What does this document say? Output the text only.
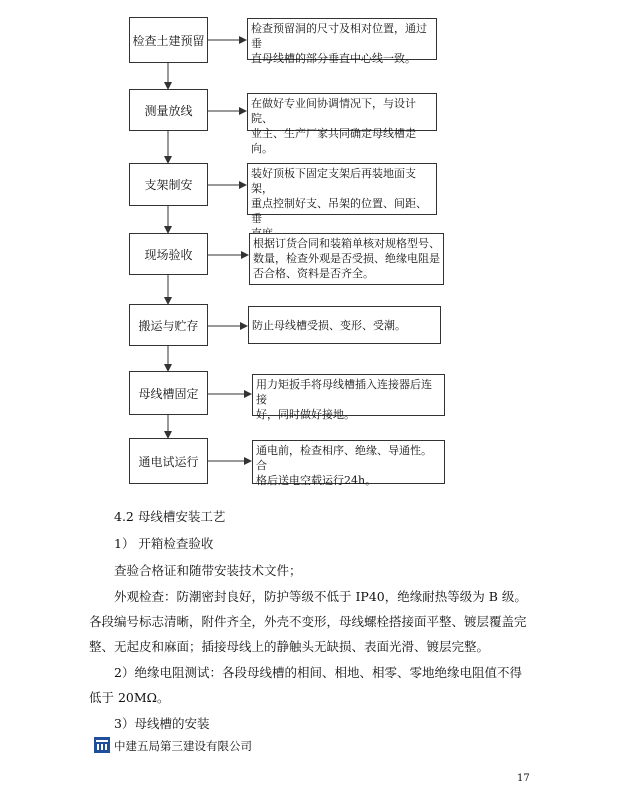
检查土建预留
测量放线
支架制安
现场验收
搬运与贮存
母线槽固定
通电试运行

检查预留洞的尺寸及相对位置，通过垂

直母线槽的部分垂直中心线一致。

在做好专业间协调情况下，与设计院、

业主、生产厂家共同确定母线槽走向。

装好顶板下固定支架后再装地面支架，

重点控制好支、吊架的位置、间距、垂

根据订货合同和装箱单核对规格型号、

数量，检查外观是否受损、绝缘电阻是

否合格、资料是否齐全。

防止母线槽受损、变形、受潮。

用力矩扳手将母线槽插入连接器后连接

好，同时做好接地。

通电前，检查相序、绝缘、导通性。合

格后送电空载运行24h。

4.2 母线槽安装工艺
1） 开箱检查验收
查验合格证和随带安装技术文件；
外观检查：防潮密封良好，防护等级不低于 IP40，绝缘耐热等级为 B 级。
各段编号标志清晰，附件齐全，外壳不变形，母线螺栓搭接面平整、镀层覆盖完
整、无起皮和麻面；插接母线上的静触头无缺损、表面光滑、镀层完整。
2）绝缘电阻测试：各段母线槽的相间、相地、相零、零地绝缘电阻值不得
低于 20MΩ。
3）母线槽的安装
中建五局第三建设有限公司
17
